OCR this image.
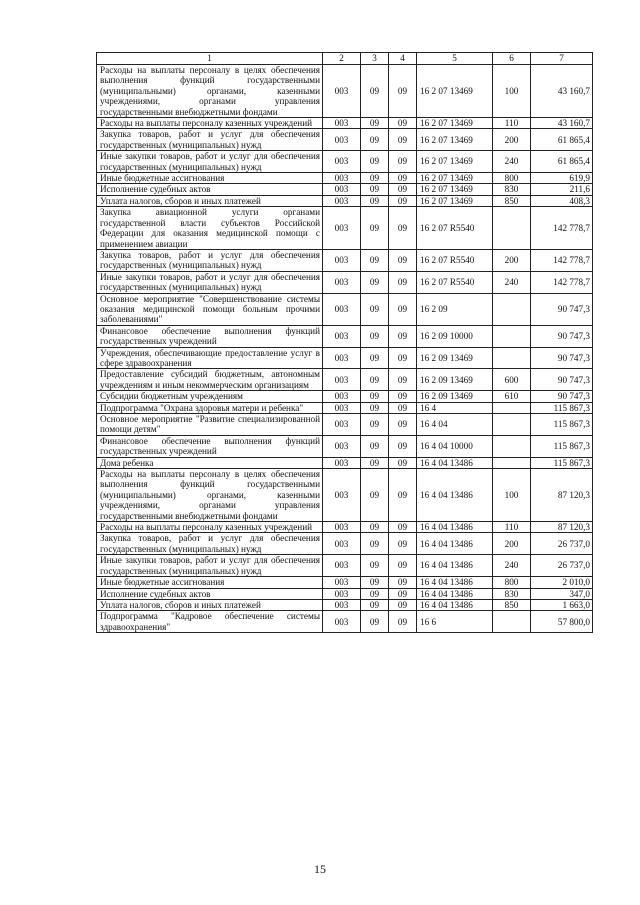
1	2	3	4	5	6	7
Расходы на выплаты персоналу в целях обеспечения выполнения функций государственными (муниципальными) органами, казенными учреждениями, органами управления государственными внебюджетными фондами	003	09	09	16 2 07 13469	100	43 160,7
Расходы на выплаты персоналу казенных учреждений	003	09	09	16 2 07 13469	110	43 160,7
Закупка товаров, работ и услуг для обеспечения государственных (муниципальных) нужд	003	09	09	16 2 07 13469	200	61 865,4
Иные закупки товаров, работ и услуг для обеспечения государственных (муниципальных) нужд	003	09	09	16 2 07 13469	240	61 865,4
Иные бюджетные ассигнования	003	09	09	16 2 07 13469	800	619,9
Исполнение судебных актов	003	09	09	16 2 07 13469	830	211,6
Уплата налогов, сборов и иных платежей	003	09	09	16 2 07 13469	850	408,3
Закупка авиационной услуги органами государственной власти субъектов Российской Федерации для оказания медицинской помощи с применением авиации	003	09	09	16 2 07 R5540		142 778,7
Закупка товаров, работ и услуг для обеспечения государственных (муниципальных) нужд	003	09	09	16 2 07 R5540	200	142 778,7
Иные закупки товаров, работ и услуг для обеспечения государственных (муниципальных) нужд	003	09	09	16 2 07 R5540	240	142 778,7
Основное мероприятие "Совершенствование системы оказания медицинской помощи больным прочими заболеваниями"	003	09	09	16 2 09		90 747,3
Финансовое обеспечение выполнения функций государственных учреждений	003	09	09	16 2 09 10000		90 747,3
Учреждения, обеспечивающие предоставление услуг в сфере здравоохранения	003	09	09	16 2 09 13469		90 747,3
Предоставление субсидий бюджетным, автономным учреждениям и иным некоммерческим организациям	003	09	09	16 2 09 13469	600	90 747,3
Субсидии бюджетным учреждениям	003	09	09	16 2 09 13469	610	90 747,3
Подпрограмма "Охрана здоровья матери и ребенка"	003	09	09	16 4		115 867,3
Основное мероприятие "Развитие специализированной помощи детям"	003	09	09	16 4 04		115 867,3
Финансовое обеспечение выполнения функций государственных учреждений	003	09	09	16 4 04 10000		115 867,3
Дома ребенка	003	09	09	16 4 04 13486		115 867,3
Расходы на выплаты персоналу в целях обеспечения выполнения функций государственными (муниципальными) органами, казенными учреждениями, органами управления государственными внебюджетными фондами	003	09	09	16 4 04 13486	100	87 120,3
Расходы на выплаты персоналу казенных учреждений	003	09	09	16 4 04 13486	110	87 120,3
Закупка товаров, работ и услуг для обеспечения государственных (муниципальных) нужд	003	09	09	16 4 04 13486	200	26 737,0
Иные закупки товаров, работ и услуг для обеспечения государственных (муниципальных) нужд	003	09	09	16 4 04 13486	240	26 737,0
Иные бюджетные ассигнования	003	09	09	16 4 04 13486	800	2 010,0
Исполнение судебных актов	003	09	09	16 4 04 13486	830	347,0
Уплата налогов, сборов и иных платежей	003	09	09	16 4 04 13486	850	1 663,0
Подпрограмма "Кадровое обеспечение системы здравоохранения"	003	09	09	16 6		57 800,0
15
